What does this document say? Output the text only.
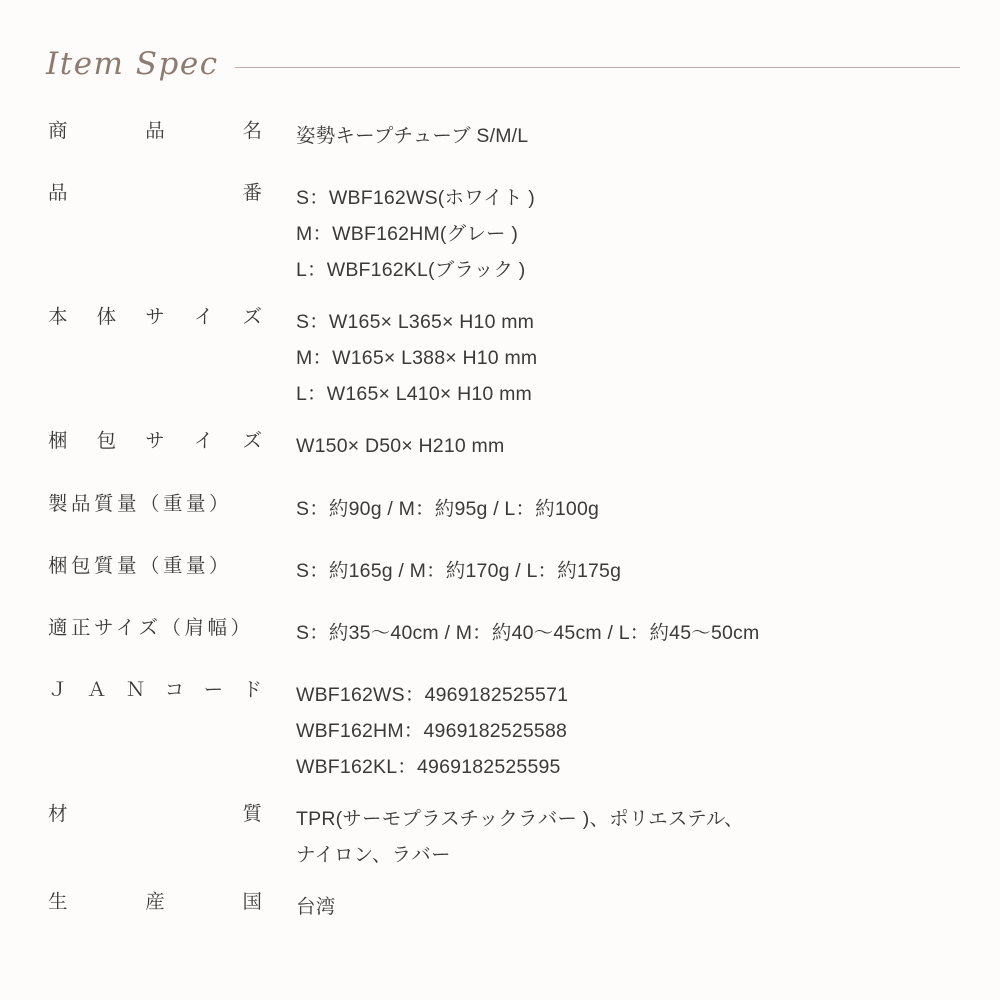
Item Spec
商 品 名	姿勢キープチューブ S/M/L

品 番	S：WBF162WS(ホワイト )
M：WBF162HM(グレー )
L：WBF162KL(ブラック )

本 体 サ イ ズ	S：W165× L365× H10 mm
M：W165× L388× H10 mm
L：W165× L410× H10 mm

梱 包 サ イ ズ	W150× D50× H210 mm

製品質量（重量）	S：約90g / M：約95g / L：約100g

梱包質量（重量）	S：約165g / M：約170g / L：約175g

適正サイズ（肩幅）	S：約35〜40cm / M：約40〜45cm / L：約45〜50cm

Ｊ Ａ Ｎ コ ー ド	WBF162WS：4969182525571
WBF162HM：4969182525588
WBF162KL：4969182525595

材 質	TPR(サーモプラスチックラバー )、ポリエステル、
ナイロン、ラバー

生 産 国	台湾
